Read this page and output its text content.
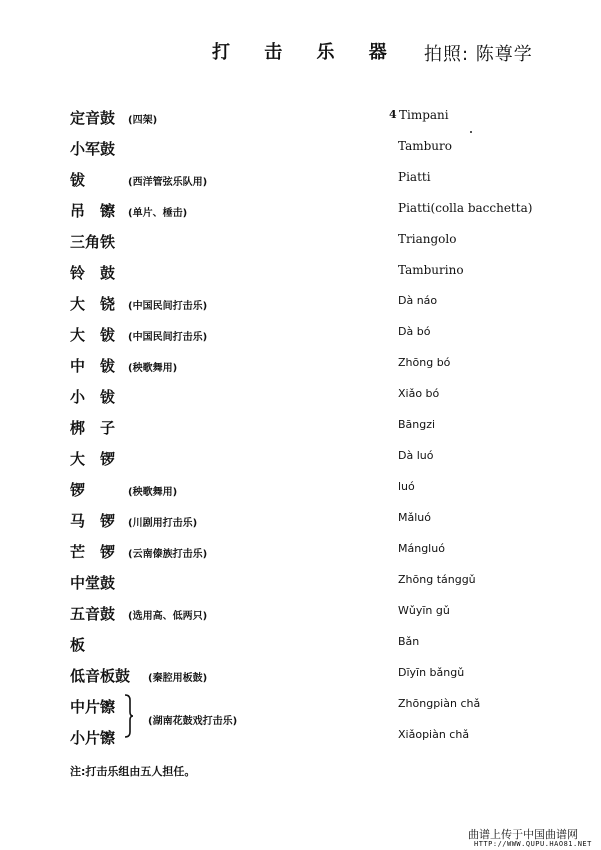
打 击 乐 器 拍照: 陈尊学
定音鼓 (四架)	4 Timpani
小军鼓	Tamburo
钹	(西洋管弦乐队用)	Piatti
吊　镲 (单片、棰击)	Piatti(colla bacchetta)
三角铁	Triangolo
铃　鼓	Tamburino
大　铙 (中国民间打击乐)	Dà náo
大　钹 (中国民间打击乐)	Dà bó
中　钹 (秧歌舞用)	Zhōng bó
小　钹	Xiǎo bó
梆　子	Bāngzi
大　锣	Dà luó
锣	(秧歌舞用)	luó
马　锣 (川剧用打击乐)	Mǎluó
芒　锣 (云南傣族打击乐)	Mángluó
中堂鼓	Zhōng tánggǔ
五音鼓 (选用高、低两只)	Wǔyīn gǔ
板	Bǎn
低音板鼓 (秦腔用板鼓)	Dīyīn bǎngǔ
中片镲	Zhōngpiàn chǎ
小片镲	Xiǎopiàn chǎ
(湖南花鼓戏打击乐)
注:打击乐组由五人担任。
曲谱上传于中国曲谱网
HTTP://WWW.QUPU.HAO81.NET
